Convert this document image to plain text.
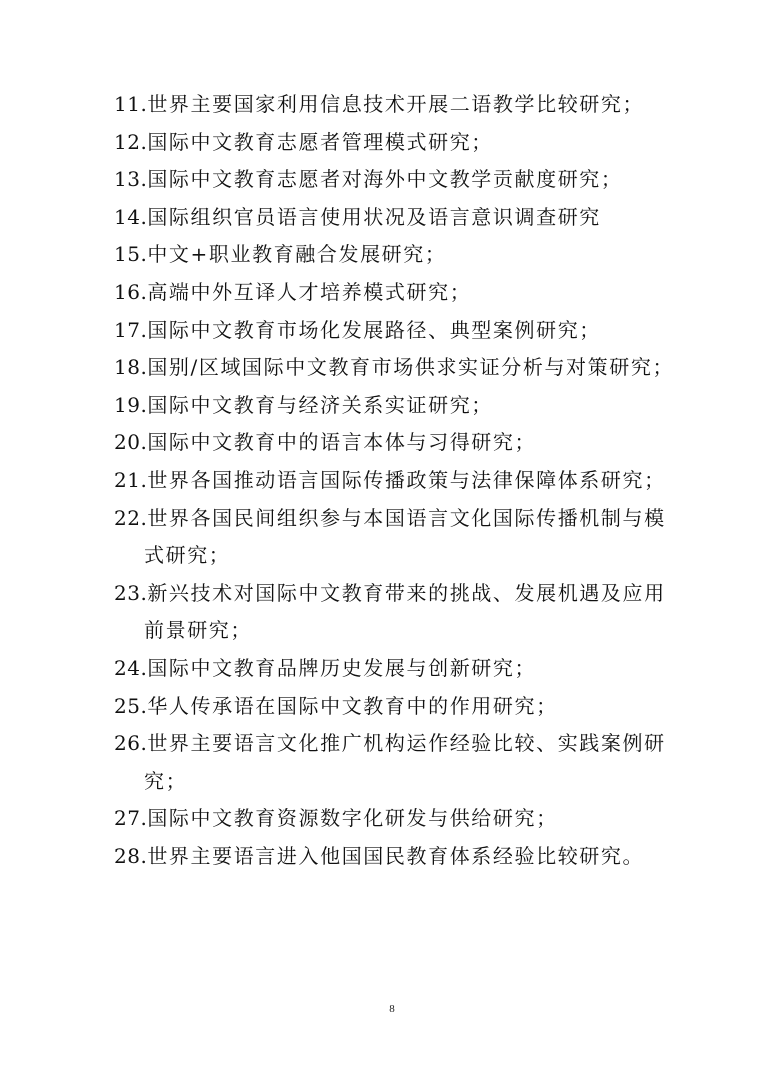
11.世界主要国家利用信息技术开展二语教学比较研究；
12.国际中文教育志愿者管理模式研究；
13.国际中文教育志愿者对海外中文教学贡献度研究；
14.国际组织官员语言使用状况及语言意识调查研究
15.中文+职业教育融合发展研究；
16.高端中外互译人才培养模式研究；
17.国际中文教育市场化发展路径、典型案例研究；
18.国别/区域国际中文教育市场供求实证分析与对策研究；
19.国际中文教育与经济关系实证研究；
20.国际中文教育中的语言本体与习得研究；
21.世界各国推动语言国际传播政策与法律保障体系研究；
22.世界各国民间组织参与本国语言文化国际传播机制与模
式研究；
23.新兴技术对国际中文教育带来的挑战、发展机遇及应用
前景研究；
24.国际中文教育品牌历史发展与创新研究；
25.华人传承语在国际中文教育中的作用研究；
26.世界主要语言文化推广机构运作经验比较、实践案例研
究；
27.国际中文教育资源数字化研发与供给研究；
28.世界主要语言进入他国国民教育体系经验比较研究。
8
